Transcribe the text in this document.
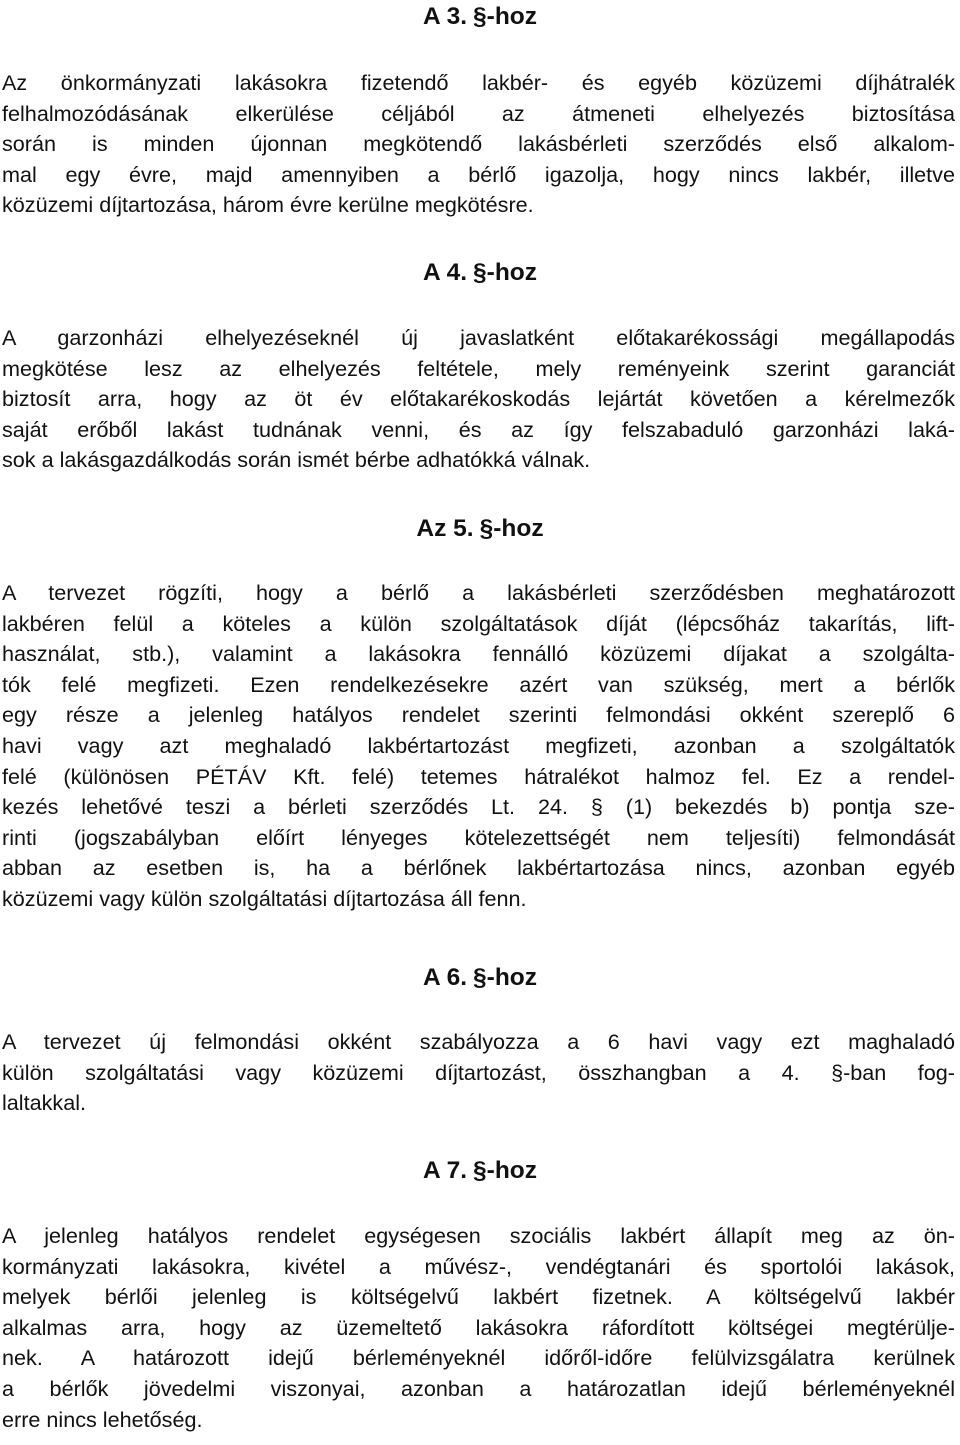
A 3. §-hoz
Az önkormányzati lakásokra fizetendő lakbér- és egyéb közüzemi díjhátralék
felhalmozódásának elkerülése céljából az átmeneti elhelyezés biztosítása
során is minden újonnan megkötendő lakásbérleti szerződés első alkalom-
mal egy évre, majd amennyiben a bérlő igazolja, hogy nincs lakbér, illetve
közüzemi díjtartozása, három évre kerülne megkötésre.
A 4. §-hoz
A garzonházi elhelyezéseknél új javaslatként előtakarékossági megállapodás
megkötése lesz az elhelyezés feltétele, mely reményeink szerint garanciát
biztosít arra, hogy az öt év előtakarékoskodás lejártát követően a kérelmezők
saját erőből lakást tudnának venni, és az így felszabaduló garzonházi laká-
sok a lakásgazdálkodás során ismét bérbe adhatókká válnak.
Az 5. §-hoz
A tervezet rögzíti, hogy a bérlő a lakásbérleti szerződésben meghatározott
lakbéren felül a köteles a külön szolgáltatások díját (lépcsőház takarítás, lift-
használat, stb.), valamint a lakásokra fennálló közüzemi díjakat a szolgálta-
tók felé megfizeti. Ezen rendelkezésekre azért van szükség, mert a bérlők
egy része a jelenleg hatályos rendelet szerinti felmondási okként szereplő 6
havi vagy azt meghaladó lakbértartozást megfizeti, azonban a szolgáltatók
felé (különösen PÉTÁV Kft. felé) tetemes hátralékot halmoz fel. Ez a rendel-
kezés lehetővé teszi a bérleti szerződés Lt. 24. § (1) bekezdés b) pontja sze-
rinti (jogszabályban előírt lényeges kötelezettségét nem teljesíti) felmondását
abban az esetben is, ha a bérlőnek lakbértartozása nincs, azonban egyéb
közüzemi vagy külön szolgáltatási díjtartozása áll fenn.
A 6. §-hoz
A tervezet új felmondási okként szabályozza a 6 havi vagy ezt maghaladó
külön szolgáltatási vagy közüzemi díjtartozást, összhangban a 4. §-ban fog-
laltakkal.
A 7. §-hoz
A jelenleg hatályos rendelet egységesen szociális lakbért állapít meg az ön-
kormányzati lakásokra, kivétel a művész-, vendégtanári és sportolói lakások,
melyek bérlői jelenleg is költségelvű lakbért fizetnek. A költségelvű lakbér
alkalmas arra, hogy az üzemeltető lakásokra ráfordított költségei megtérülje-
nek. A határozott idejű bérleményeknél időről-időre felülvizsgálatra kerülnek
a bérlők jövedelmi viszonyai, azonban a határozatlan idejű bérleményeknél
erre nincs lehetőség.
